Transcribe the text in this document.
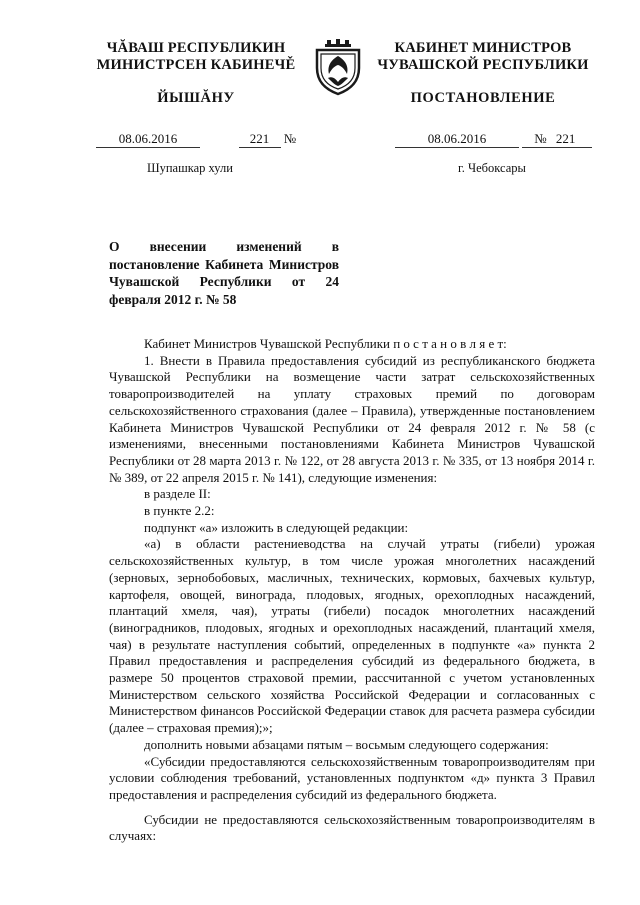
ЧĂВАШ РЕСПУБЛИКИН
МИНИСТРСЕН КАБИНЕЧĚ
ЙЫШĂНУ
КАБИНЕТ МИНИСТРОВ
ЧУВАШСКОЙ РЕСПУБЛИКИ
ПОСТАНОВЛЕНИЕ
08.06.2016	221 №	08.06.2016	№ 221
Шупашкар хули	г. Чебоксары
О внесении изменений в постановление Кабинета Министров Чувашской Республики от 24 февраля 2012 г. № 58

Кабинет Министров Чувашской Республики п о с т а н о в л я е т:

1. Внести в Правила предоставления субсидий из республиканского бюджета Чувашской Республики на возмещение части затрат сельскохозяйственных товаропроизводителей на уплату страховых премий по договорам сельскохозяйственного страхования (далее – Правила), утвержденные постановлением Кабинета Министров Чувашской Республики от 24 февраля 2012 г. № 58 (с изменениями, внесенными постановлениями Кабинета Министров Чувашской Республики от 28 марта 2013 г. № 122, от 28 августа 2013 г. № 335, от 13 ноября 2014 г. № 389, от 22 апреля 2015 г. № 141), следующие изменения:

в разделе II:

в пункте 2.2:

подпункт «а» изложить в следующей редакции:

«а) в области растениеводства на случай утраты (гибели) урожая сельскохозяйственных культур, в том числе урожая многолетних насаждений (зерновых, зернобобовых, масличных, технических, кормовых, бахчевых культур, картофеля, овощей, винограда, плодовых, ягодных, орехоплодных насаждений, плантаций хмеля, чая), утраты (гибели) посадок многолетних насаждений (виноградников, плодовых, ягодных и орехоплодных насаждений, плантаций хмеля, чая) в результате наступления событий, определенных в подпункте «а» пункта 2 Правил предоставления и распределения субсидий из федерального бюджета, в размере 50 процентов страховой премии, рассчитанной с учетом установленных Министерством сельского хозяйства Российской Федерации и согласованных с Министерством финансов Российской Федерации ставок для расчета размера субсидии (далее – страховая премия);»;

дополнить новыми абзацами пятым – восьмым следующего содержания:

«Субсидии предоставляются сельскохозяйственным товаропроизводителям при условии соблюдения требований, установленных подпунктом «д» пункта 3 Правил предоставления и распределения субсидий из федерального бюджета.

Субсидии не предоставляются сельскохозяйственным товаропроизводителям в случаях:
